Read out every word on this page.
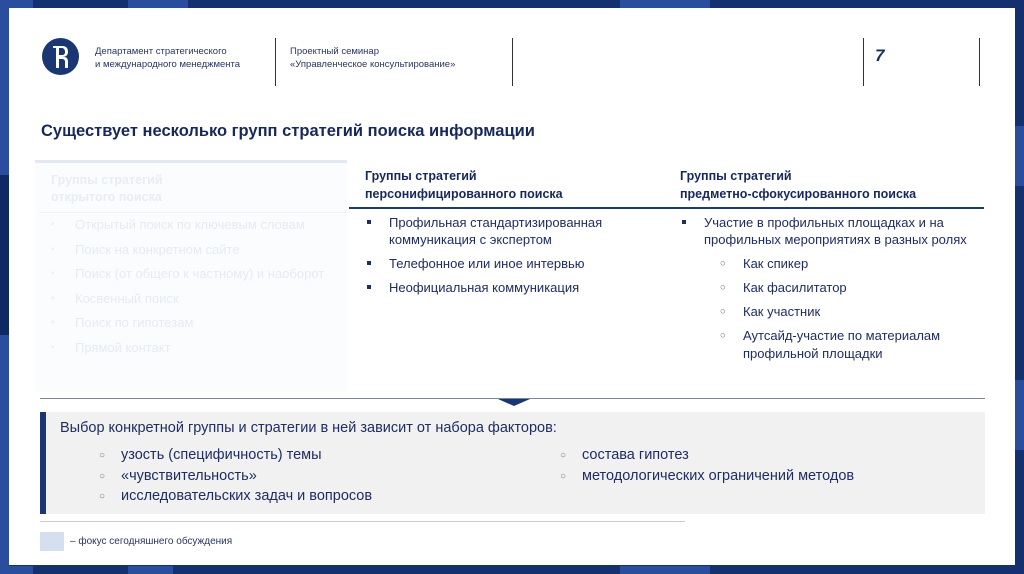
Департамент стратегического
и международного менеджмента
Проектный семинар
«Управленческое консультирование»	7
Существует несколько групп стратегий поиска информации
Группы стратегий
открытого поиска
▪ Открытый поиск по ключевым словам
▪ Поиск на конкретном сайте
▪ Поиск (от общего к частному) и наоборот
▪ Косвенный поиск
▪ Поиск по гипотезам
▪ Прямой контакт
Группы стратегий
персонифицированного поиска
Профильная стандартизированная коммуникация с экспертом
Телефонное или иное интервью
Неофициальная коммуникация
Группы стратегий
предметно-сфокусированного поиска
Участие в профильных площадках и на профильных мероприятиях в разных ролях
○ Как спикер
○ Как фасилитатор
○ Как участник
○ Аутсайд-участие по материалам профильной площадки
Выбор конкретной группы и стратегии в ней зависит от набора факторов:
○ узость (специфичность) темы
○ «чувствительность»
○ исследовательских задач и вопросов
○ состава гипотез
○ методологических ограничений методов
– фокус сегодняшнего обсуждения
